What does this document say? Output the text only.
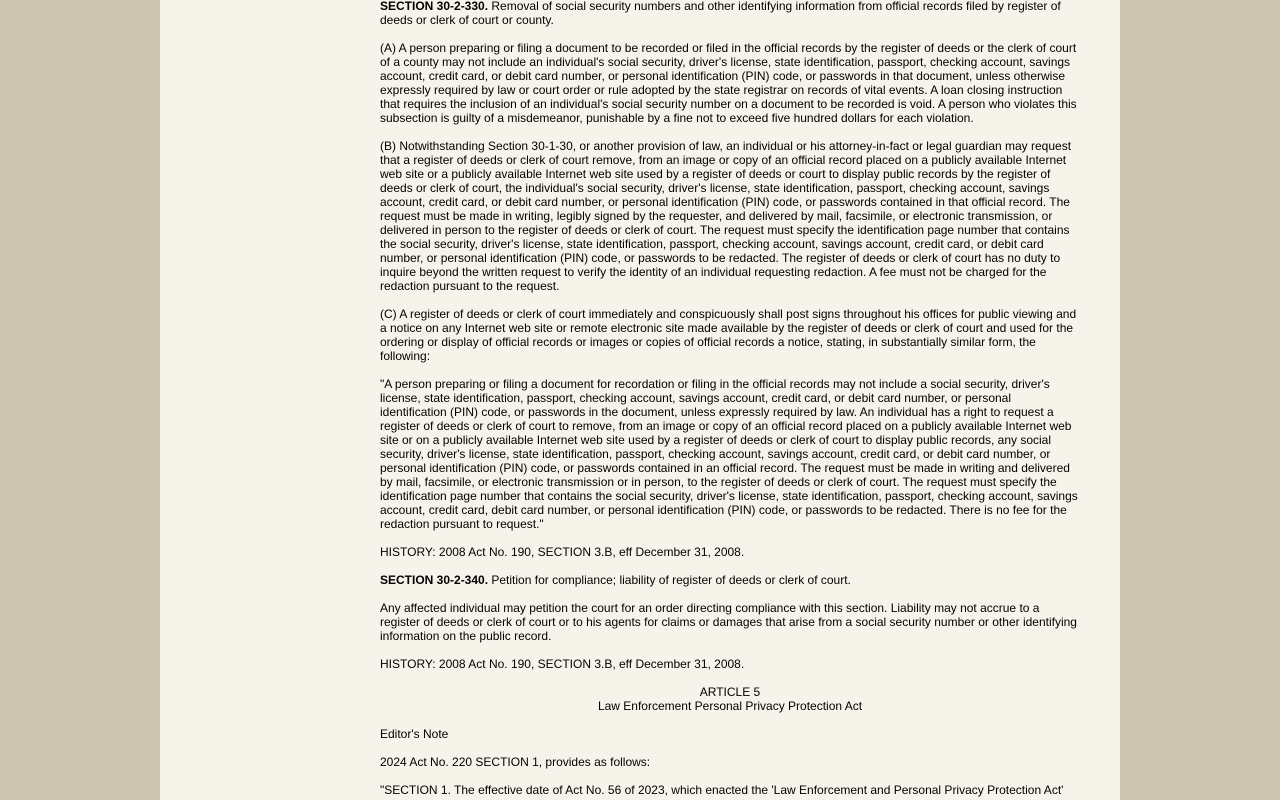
SECTION 30-2-330. Removal of social security numbers and other identifying information from official records filed by register of deeds or clerk of court or county.

(A) A person preparing or filing a document to be recorded or filed in the official records by the register of deeds or the clerk of court of a county may not include an individual's social security, driver's license, state identification, passport, checking account, savings account, credit card, or debit card number, or personal identification (PIN) code, or passwords in that document, unless otherwise expressly required by law or court order or rule adopted by the state registrar on records of vital events. A loan closing instruction that requires the inclusion of an individual's social security number on a document to be recorded is void. A person who violates this subsection is guilty of a misdemeanor, punishable by a fine not to exceed five hundred dollars for each violation.

(B) Notwithstanding Section 30-1-30, or another provision of law, an individual or his attorney-in-fact or legal guardian may request that a register of deeds or clerk of court remove, from an image or copy of an official record placed on a publicly available Internet web site or a publicly available Internet web site used by a register of deeds or court to display public records by the register of deeds or clerk of court, the individual's social security, driver's license, state identification, passport, checking account, savings account, credit card, or debit card number, or personal identification (PIN) code, or passwords contained in that official record. The request must be made in writing, legibly signed by the requester, and delivered by mail, facsimile, or electronic transmission, or delivered in person to the register of deeds or clerk of court. The request must specify the identification page number that contains the social security, driver's license, state identification, passport, checking account, savings account, credit card, or debit card number, or personal identification (PIN) code, or passwords to be redacted. The register of deeds or clerk of court has no duty to inquire beyond the written request to verify the identity of an individual requesting redaction. A fee must not be charged for the redaction pursuant to the request.

(C) A register of deeds or clerk of court immediately and conspicuously shall post signs throughout his offices for public viewing and a notice on any Internet web site or remote electronic site made available by the register of deeds or clerk of court and used for the ordering or display of official records or images or copies of official records a notice, stating, in substantially similar form, the following:

"A person preparing or filing a document for recordation or filing in the official records may not include a social security, driver's license, state identification, passport, checking account, savings account, credit card, or debit card number, or personal identification (PIN) code, or passwords in the document, unless expressly required by law. An individual has a right to request a register of deeds or clerk of court to remove, from an image or copy of an official record placed on a publicly available Internet web site or on a publicly available Internet web site used by a register of deeds or clerk of court to display public records, any social security, driver's license, state identification, passport, checking account, savings account, credit card, or debit card number, or personal identification (PIN) code, or passwords contained in an official record. The request must be made in writing and delivered by mail, facsimile, or electronic transmission or in person, to the register of deeds or clerk of court. The request must specify the identification page number that contains the social security, driver's license, state identification, passport, checking account, savings account, credit card, debit card number, or personal identification (PIN) code, or passwords to be redacted. There is no fee for the redaction pursuant to request."

HISTORY: 2008 Act No. 190, SECTION 3.B, eff December 31, 2008.

SECTION 30-2-340. Petition for compliance; liability of register of deeds or clerk of court.

Any affected individual may petition the court for an order directing compliance with this section. Liability may not accrue to a register of deeds or clerk of court or to his agents for claims or damages that arise from a social security number or other identifying information on the public record.

HISTORY: 2008 Act No. 190, SECTION 3.B, eff December 31, 2008.

ARTICLE 5
Law Enforcement Personal Privacy Protection Act

Editor's Note

2024 Act No. 220 SECTION 1, provides as follows:

"SECTION 1. The effective date of Act No. 56 of 2023, which enacted the 'Law Enforcement and Personal Privacy Protection Act'
